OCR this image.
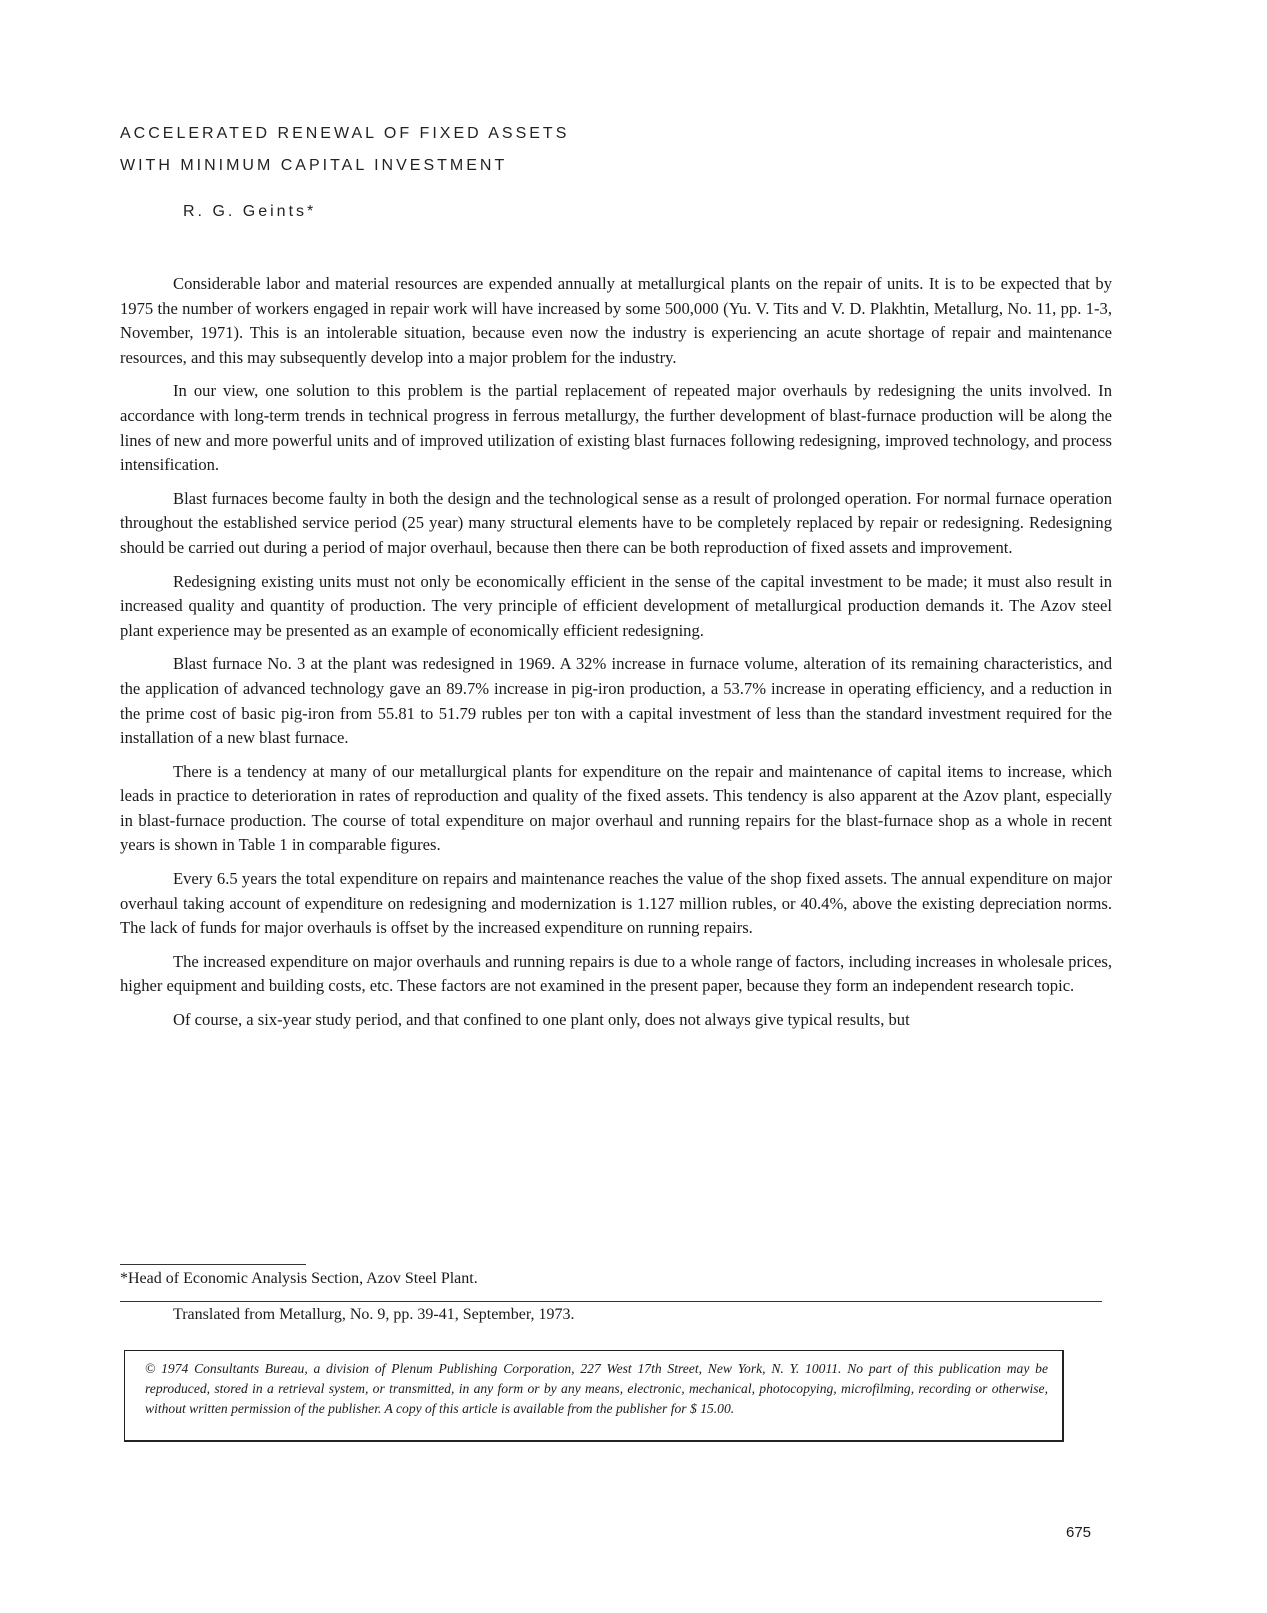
ACCELERATED RENEWAL OF FIXED ASSETS
WITH MINIMUM CAPITAL INVESTMENT
R. G. Geints*

Considerable labor and material resources are expended annually at metallurgical plants on the repair of units. It is to be expected that by 1975 the number of workers engaged in repair work will have increased by some 500,000 (Yu. V. Tits and V. D. Plakhtin, Metallurg, No. 11, pp. 1-3, November, 1971). This is an intolerable situation, because even now the industry is experiencing an acute shortage of repair and maintenance resources, and this may subsequently develop into a major problem for the industry.

In our view, one solution to this problem is the partial replacement of repeated major overhauls by redesigning the units involved. In accordance with long-term trends in technical progress in ferrous metallurgy, the further development of blast-furnace production will be along the lines of new and more powerful units and of improved utilization of existing blast furnaces following redesigning, improved technology, and process intensification.

Blast furnaces become faulty in both the design and the technological sense as a result of prolonged operation. For normal furnace operation throughout the established service period (25 year) many structural elements have to be completely replaced by repair or redesigning. Redesigning should be carried out during a period of major overhaul, because then there can be both reproduction of fixed assets and improvement.

Redesigning existing units must not only be economically efficient in the sense of the capital investment to be made; it must also result in increased quality and quantity of production. The very principle of efficient development of metallurgical production demands it. The Azov steel plant experience may be presented as an example of economically efficient redesigning.

Blast furnace No. 3 at the plant was redesigned in 1969. A 32% increase in furnace volume, alteration of its remaining characteristics, and the application of advanced technology gave an 89.7% increase in pig-iron production, a 53.7% increase in operating efficiency, and a reduction in the prime cost of basic pig-iron from 55.81 to 51.79 rubles per ton with a capital investment of less than the standard investment required for the installation of a new blast furnace.

There is a tendency at many of our metallurgical plants for expenditure on the repair and maintenance of capital items to increase, which leads in practice to deterioration in rates of reproduction and quality of the fixed assets. This tendency is also apparent at the Azov plant, especially in blast-furnace production. The course of total expenditure on major overhaul and running repairs for the blast-furnace shop as a whole in recent years is shown in Table 1 in comparable figures.

Every 6.5 years the total expenditure on repairs and maintenance reaches the value of the shop fixed assets. The annual expenditure on major overhaul taking account of expenditure on redesigning and modernization is 1.127 million rubles, or 40.4%, above the existing depreciation norms. The lack of funds for major overhauls is offset by the increased expenditure on running repairs.

The increased expenditure on major overhauls and running repairs is due to a whole range of factors, including increases in wholesale prices, higher equipment and building costs, etc. These factors are not examined in the present paper, because they form an independent research topic.

Of course, a six-year study period, and that confined to one plant only, does not always give typical results, but

*Head of Economic Analysis Section, Azov Steel Plant.
Translated from Metallurg, No. 9, pp. 39-41, September, 1973.
© 1974 Consultants Bureau, a division of Plenum Publishing Corporation, 227 West 17th Street, New York, N. Y. 10011. No part of this publication may be reproduced, stored in a retrieval system, or transmitted, in any form or by any means, electronic, mechanical, photocopying, microfilming, recording or otherwise, without written permission of the publisher. A copy of this article is available from the publisher for $ 15.00.
675
